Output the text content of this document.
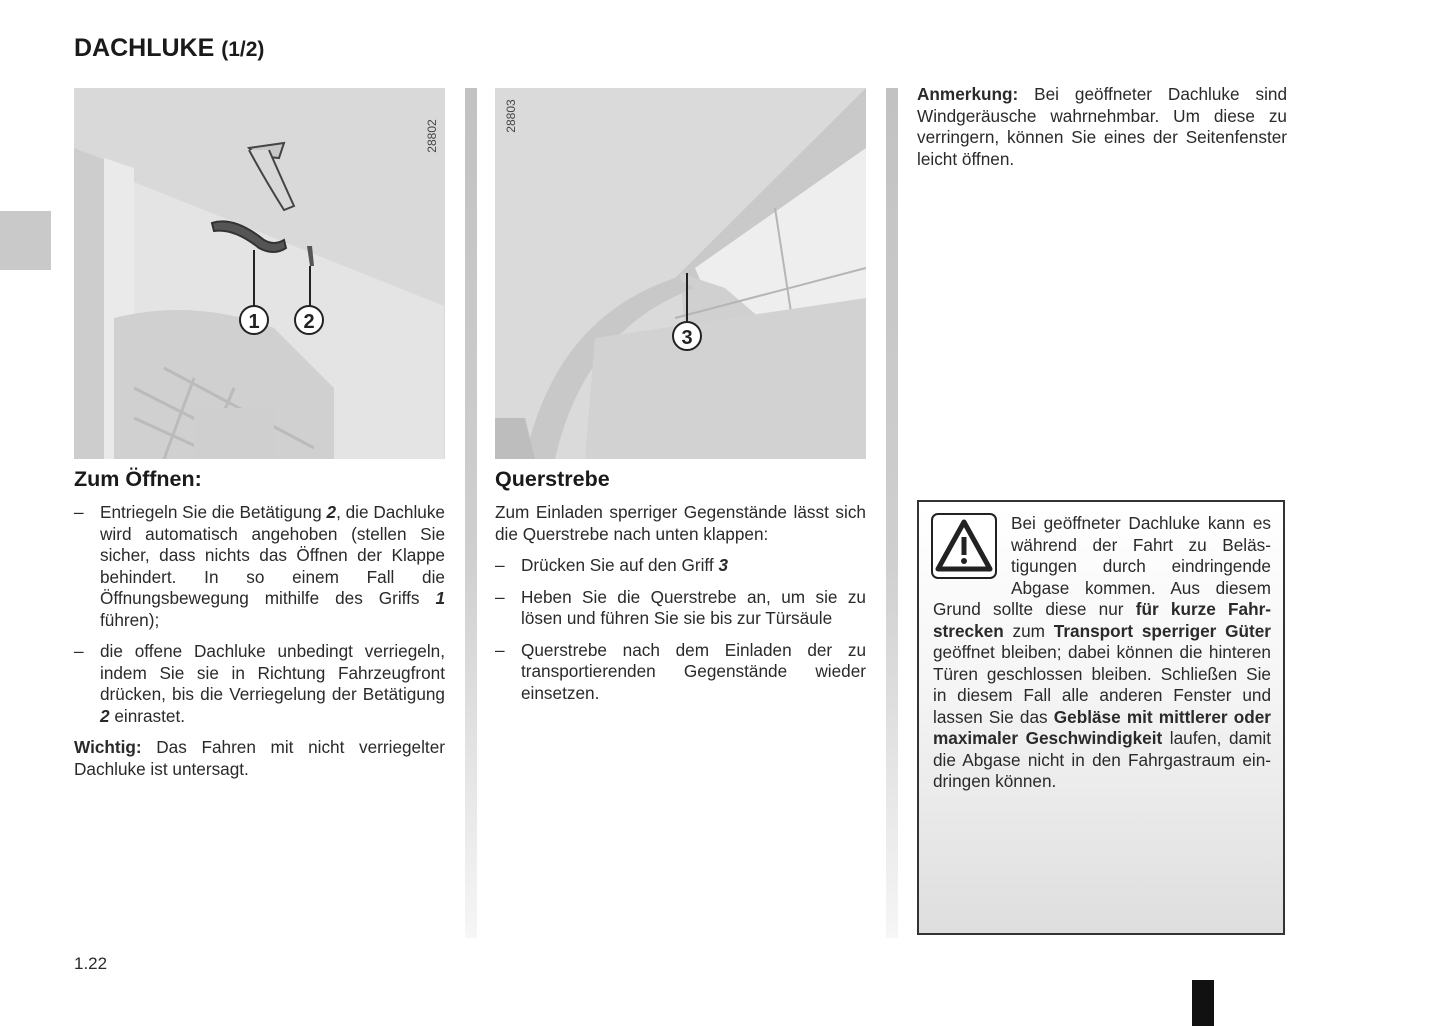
DACHLUKE (1/2)
1 2
28802
3
28803
Zum Öffnen:
– Entriegeln Sie die Betätigung 2, die Dachluke wird automatisch angehoben (stellen Sie sicher, dass nichts das Öffnen der Klappe behindert. In so einem Fall die Öffnungsbewegung mithilfe des Griffs 1 führen);
– die offene Dachluke unbedingt verriegeln, indem Sie sie in Richtung Fahrzeugfront drücken, bis die Verriegelung der Betätigung 2 einrastet.

Wichtig: Das Fahren mit nicht verriegelter Dachluke ist untersagt.

Querstrebe

Zum Einladen sperriger Gegenstände lässt sich die Querstrebe nach unten klappen:

– Drücken Sie auf den Griff 3
– Heben Sie die Querstrebe an, um sie zu lösen und führen Sie sie bis zur Türsäule
– Querstrebe nach dem Einladen der zu transportierenden Gegenstände wieder einsetzen.

Anmerkung: Bei geöffneter Dachluke sind Windgeräusche wahrnehmbar. Um diese zu verringern, können Sie eines der Seitenfenster leicht öffnen.

Bei geöffneter Dachluke kann es während der Fahrt zu Belästigungen durch eindringende Abgase kommen. Aus diesem Grund sollte diese nur für kurze Fahrstrecken zum Transport sperriger Güter geöffnet bleiben; dabei können die hinteren Türen geschlossen bleiben. Schließen Sie in diesem Fall alle anderen Fenster und lassen Sie das Gebläse mit mittlerer oder maximaler Geschwindigkeit laufen, damit die Abgase nicht in den Fahrgastraum eindringen können.
1.22
